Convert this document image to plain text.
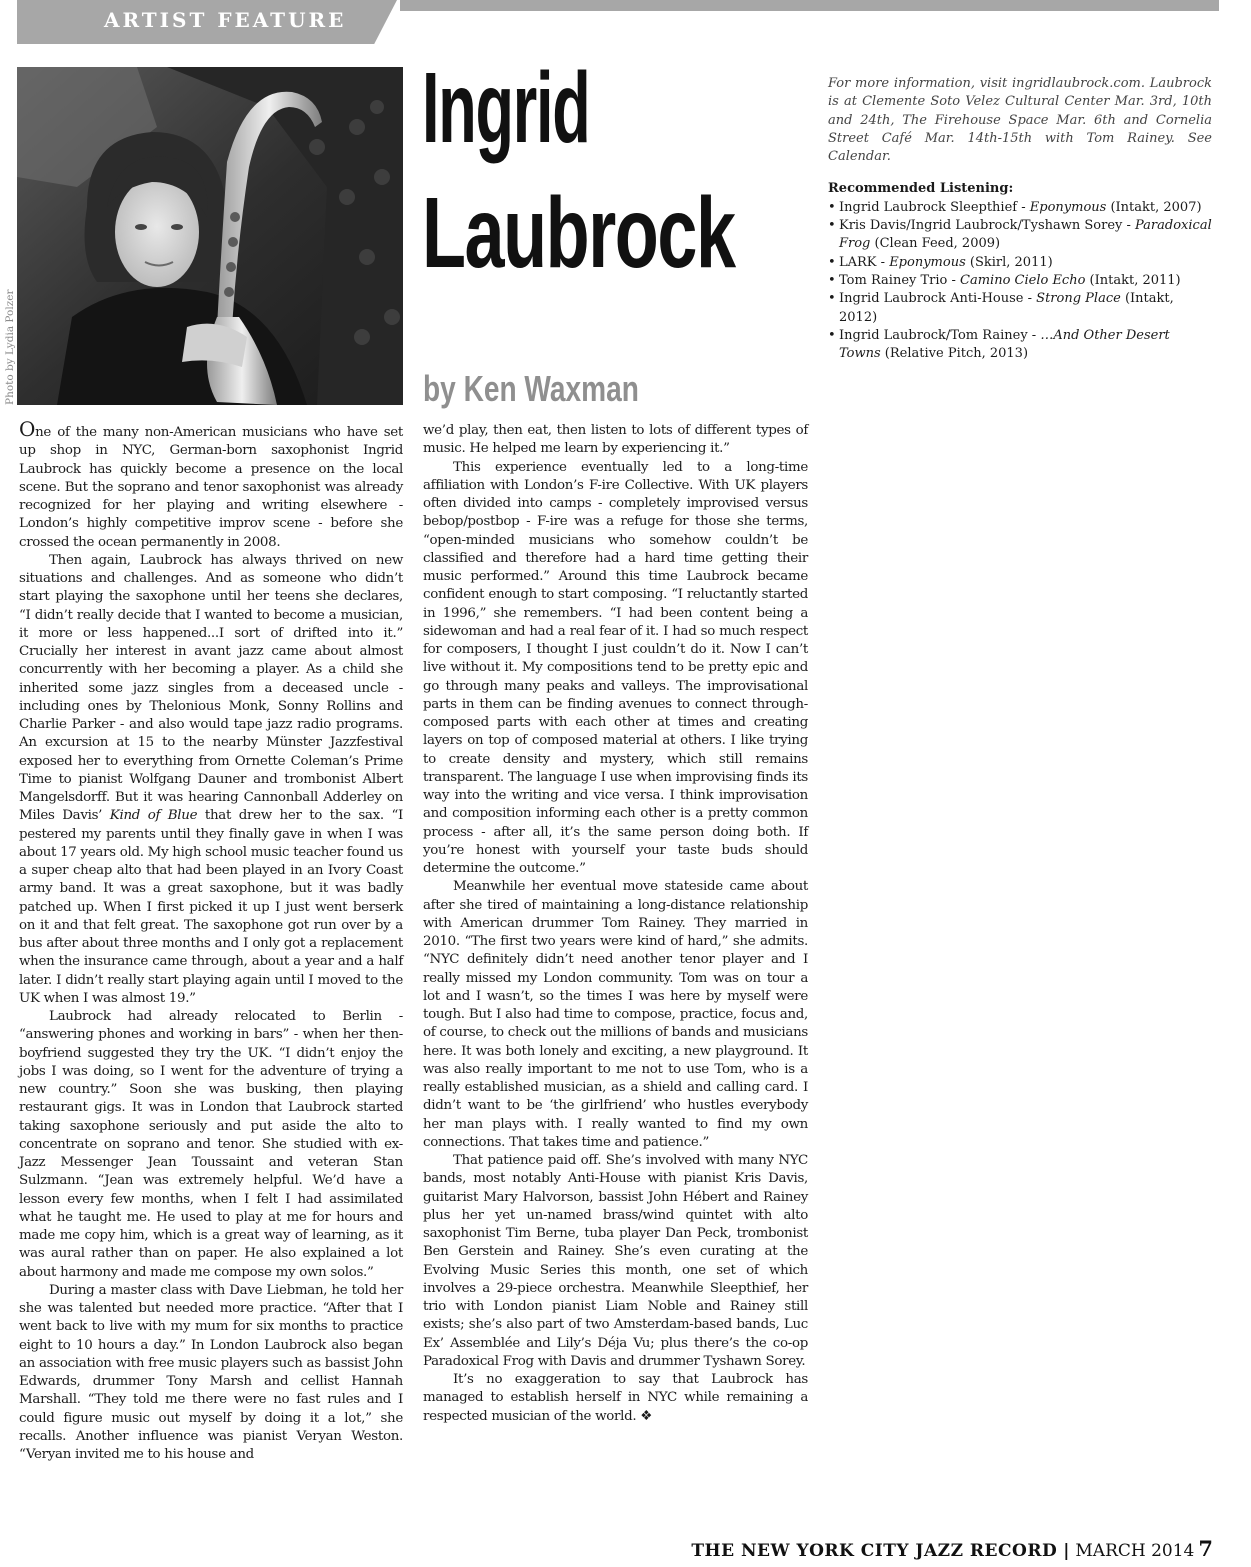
ARTIST FEATURE
Photo by Lydia Polzer
Ingrid
Laubrock
by Ken Waxman

For more information, visit ingridlaubrock.com. Laubrock is at Clemente Soto Velez Cultural Center Mar. 3rd, 10th and 24th, The Firehouse Space Mar. 6th and Cornelia Street Café Mar. 14th-15th with Tom Rainey. See Calendar.

Recommended Listening:

• Ingrid Laubrock Sleepthief - Eponymous (Intakt, 2007)
• Kris Davis/Ingrid Laubrock/Tyshawn Sorey - Paradoxical Frog (Clean Feed, 2009)
• LARK - Eponymous (Skirl, 2011)
• Tom Rainey Trio - Camino Cielo Echo (Intakt, 2011)
• Ingrid Laubrock Anti-House - Strong Place (Intakt, 2012)
• Ingrid Laubrock/Tom Rainey - …And Other Desert Towns (Relative Pitch, 2013)

One of the many non-American musicians who have set up shop in NYC, German-born saxophonist Ingrid Laubrock has quickly become a presence on the local scene. But the soprano and tenor saxophonist was already recognized for her playing and writing elsewhere - London’s highly competitive improv scene - before she crossed the ocean permanently in 2008.

Then again, Laubrock has always thrived on new situations and challenges. And as someone who didn’t start playing the saxophone until her teens she declares, “I didn’t really decide that I wanted to become a musician, it more or less happened...I sort of drifted into it.” Crucially her interest in avant jazz came about almost concurrently with her becoming a player. As a child she inherited some jazz singles from a deceased uncle - including ones by Thelonious Monk, Sonny Rollins and Charlie Parker - and also would tape jazz radio programs. An excursion at 15 to the nearby Münster Jazzfestival exposed her to everything from Ornette Coleman’s Prime Time to pianist Wolfgang Dauner and trombonist Albert Mangelsdorff. But it was hearing Cannonball Adderley on Miles Davis’ Kind of Blue that drew her to the sax. “I pestered my parents until they finally gave in when I was about 17 years old. My high school music teacher found us a super cheap alto that had been played in an Ivory Coast army band. It was a great saxophone, but it was badly patched up. When I first picked it up I just went berserk on it and that felt great. The saxophone got run over by a bus after about three months and I only got a replacement when the insurance came through, about a year and a half later. I didn’t really start playing again until I moved to the UK when I was almost 19.”

Laubrock had already relocated to Berlin - “answering phones and working in bars” - when her then-boyfriend suggested they try the UK. “I didn’t enjoy the jobs I was doing, so I went for the adventure of trying a new country.” Soon she was busking, then playing restaurant gigs. It was in London that Laubrock started taking saxophone seriously and put aside the alto to concentrate on soprano and tenor. She studied with ex-Jazz Messenger Jean Toussaint and veteran Stan Sulzmann. “Jean was extremely helpful. We’d have a lesson every few months, when I felt I had assimilated what he taught me. He used to play at me for hours and made me copy him, which is a great way of learning, as it was aural rather than on paper. He also explained a lot about harmony and made me compose my own solos.”

During a master class with Dave Liebman, he told her she was talented but needed more practice. “After that I went back to live with my mum for six months to practice eight to 10 hours a day.” In London Laubrock also began an association with free music players such as bassist John Edwards, drummer Tony Marsh and cellist Hannah Marshall. “They told me there were no fast rules and I could figure music out myself by doing it a lot,” she recalls. Another influence was pianist Veryan Weston. “Veryan invited me to his house and

we’d play, then eat, then listen to lots of different types of music. He helped me learn by experiencing it.”

This experience eventually led to a long-time affiliation with London’s F-ire Collective. With UK players often divided into camps - completely improvised versus bebop/postbop - F-ire was a refuge for those she terms, “open-minded musicians who somehow couldn’t be classified and therefore had a hard time getting their music performed.” Around this time Laubrock became confident enough to start composing. “I reluctantly started in 1996,” she remembers. “I had been content being a sidewoman and had a real fear of it. I had so much respect for composers, I thought I just couldn’t do it. Now I can’t live without it. My compositions tend to be pretty epic and go through many peaks and valleys. The improvisational parts in them can be finding avenues to connect through-composed parts with each other at times and creating layers on top of composed material at others. I like trying to create density and mystery, which still remains transparent. The language I use when improvising finds its way into the writing and vice versa. I think improvisation and composition informing each other is a pretty common process - after all, it’s the same person doing both. If you’re honest with yourself your taste buds should determine the outcome.”

Meanwhile her eventual move stateside came about after she tired of maintaining a long-distance relationship with American drummer Tom Rainey. They married in 2010. “The first two years were kind of hard,” she admits. “NYC definitely didn’t need another tenor player and I really missed my London community. Tom was on tour a lot and I wasn’t, so the times I was here by myself were tough. But I also had time to compose, practice, focus and, of course, to check out the millions of bands and musicians here. It was both lonely and exciting, a new playground. It was also really important to me not to use Tom, who is a really established musician, as a shield and calling card. I didn’t want to be ‘the girlfriend’ who hustles everybody her man plays with. I really wanted to find my own connections. That takes time and patience.”

That patience paid off. She’s involved with many NYC bands, most notably Anti-House with pianist Kris Davis, guitarist Mary Halvorson, bassist John Hébert and Rainey plus her yet un-named brass/wind quintet with alto saxophonist Tim Berne, tuba player Dan Peck, trombonist Ben Gerstein and Rainey. She’s even curating at the Evolving Music Series this month, one set of which involves a 29-piece orchestra. Meanwhile Sleepthief, her trio with London pianist Liam Noble and Rainey still exists; she’s also part of two Amsterdam-based bands, Luc Ex’ Assemblée and Lily’s Déja Vu; plus there’s the co-op Paradoxical Frog with Davis and drummer Tyshawn Sorey.

It’s no exaggeration to say that Laubrock has managed to establish herself in NYC while remaining a respected musician of the world. ❖

THE NEW YORK CITY JAZZ RECORD | MARCH 2014 7
